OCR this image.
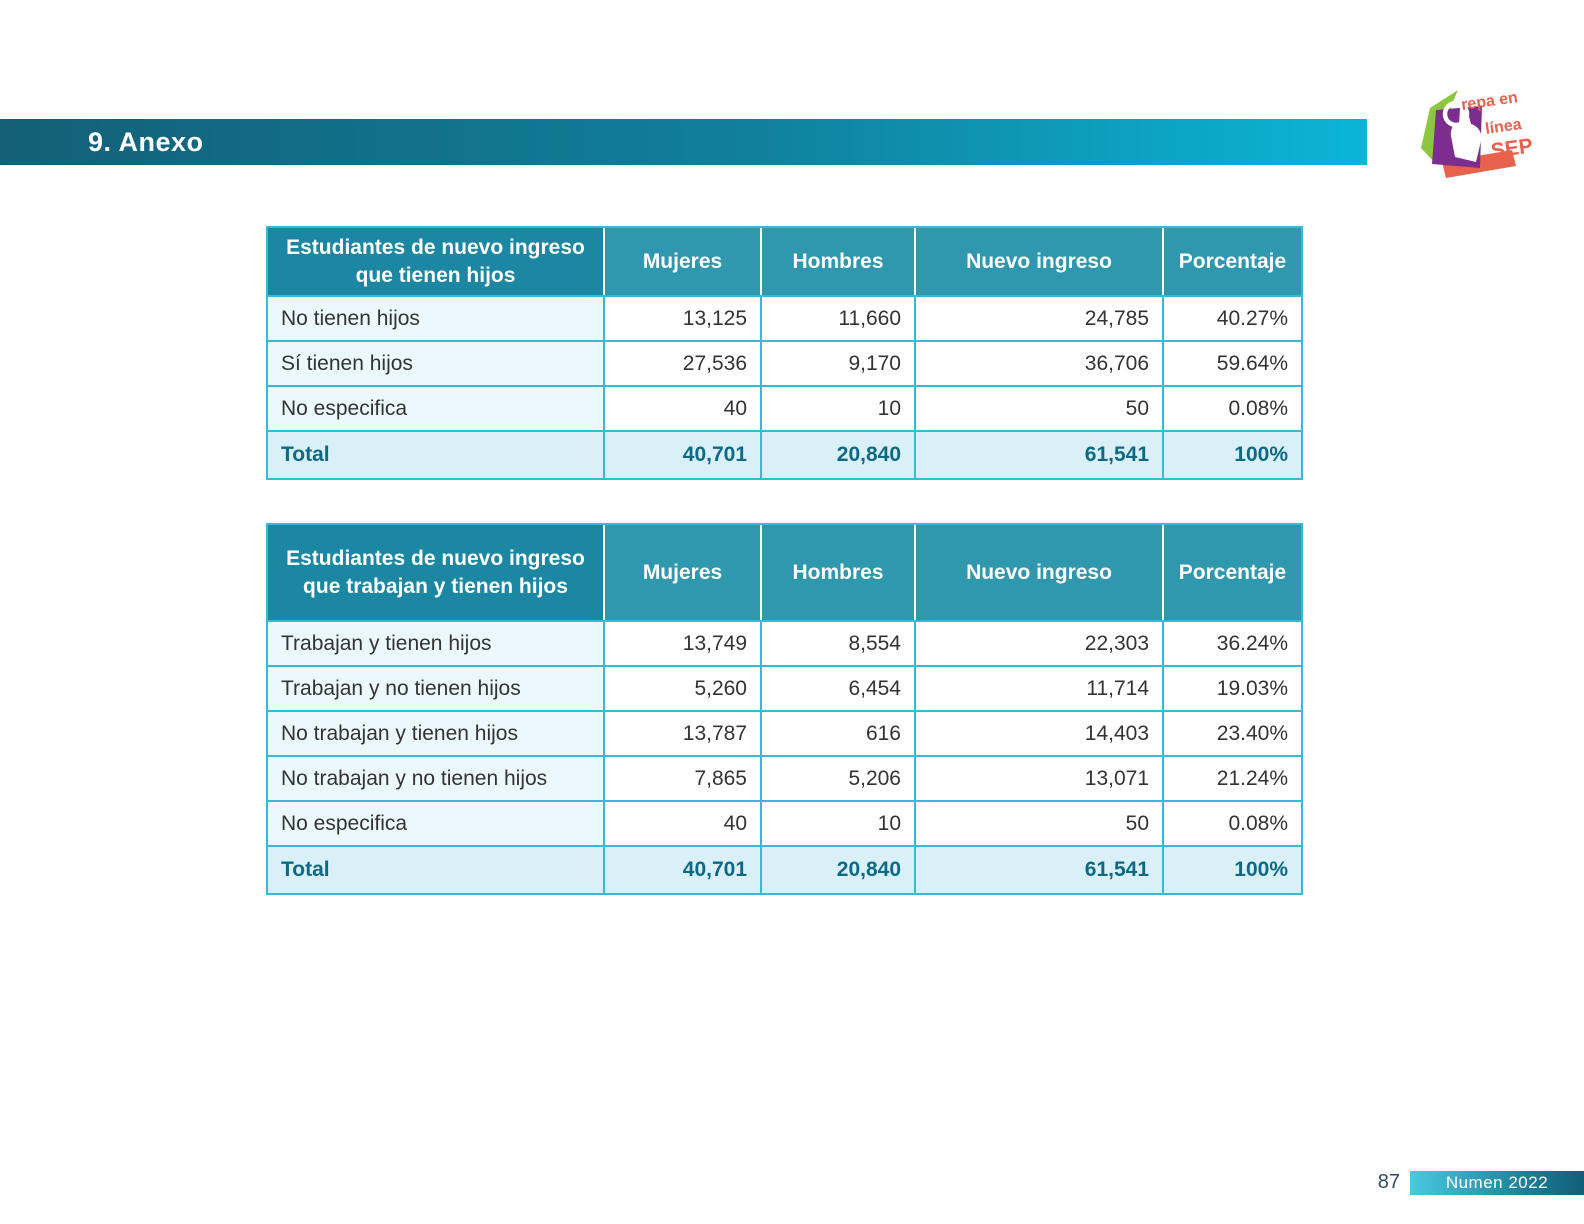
9. Anexo
repa en
línea
SEP
Estudiantes de nuevo ingreso que tienen hijos	Mujeres	Hombres	Nuevo ingreso	Porcentaje
No tienen hijos	13,125	11,660	24,785	40.27%
Sí tienen hijos	27,536	9,170	36,706	59.64%
No especifica	40	10	50	0.08%
Total	40,701	20,840	61,541	100%
Estudiantes de nuevo ingreso que trabajan y tienen hijos	Mujeres	Hombres	Nuevo ingreso	Porcentaje
Trabajan y tienen hijos	13,749	8,554	22,303	36.24%
Trabajan y no tienen hijos	5,260	6,454	11,714	19.03%
No trabajan y tienen hijos	13,787	616	14,403	23.40%
No trabajan y no tienen hijos	7,865	5,206	13,071	21.24%
No especifica	40	10	50	0.08%
Total	40,701	20,840	61,541	100%
87	Numen 2022
